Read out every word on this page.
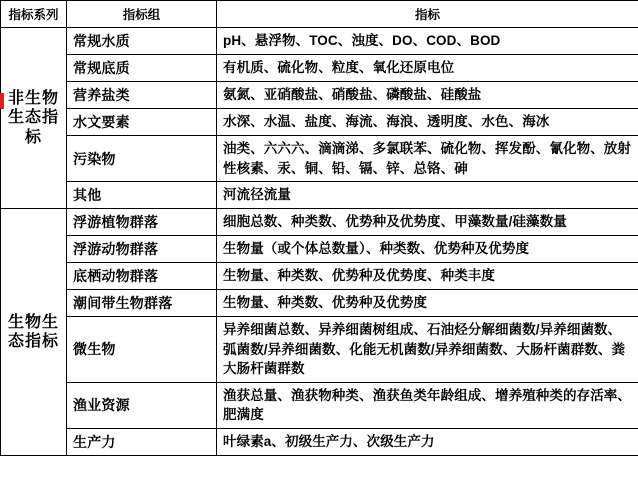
指标系列	指标组	指标

非生物生态指标	常规水质	pH、悬浮物、TOC、浊度、DO、COD、BOD
	常规底质	有机质、硫化物、粒度、氧化还原电位
	营养盐类	氨氮、亚硝酸盐、硝酸盐、磷酸盐、硅酸盐
	水文要素	水深、水温、盐度、海流、海浪、透明度、水色、海冰
	污染物	油类、六六六、滴滴涕、多氯联苯、硫化物、挥发酚、氰化物、放射性核素、汞、铜、铅、镉、锌、总铬、砷
	其他	河流径流量

生物生态指标	浮游植物群落	细胞总数、种类数、优势种及优势度、甲藻数量/硅藻数量
	浮游动物群落	生物量（或个体总数量）、种类数、优势种及优势度
	底栖动物群落	生物量、种类数、优势种及优势度、种类丰度
	潮间带生物群落	生物量、种类数、优势种及优势度
	微生物	异养细菌总数、异养细菌树组成、石油烃分解细菌数/异养细菌数、弧菌数/异养细菌数、化能无机菌数/异养细菌数、大肠杆菌群数、粪大肠杆菌群数
	渔业资源	渔获总量、渔获物种类、渔获鱼类年龄组成、增养殖种类的存活率、肥满度
	生产力	叶绿素a、初级生产力、次级生产力
